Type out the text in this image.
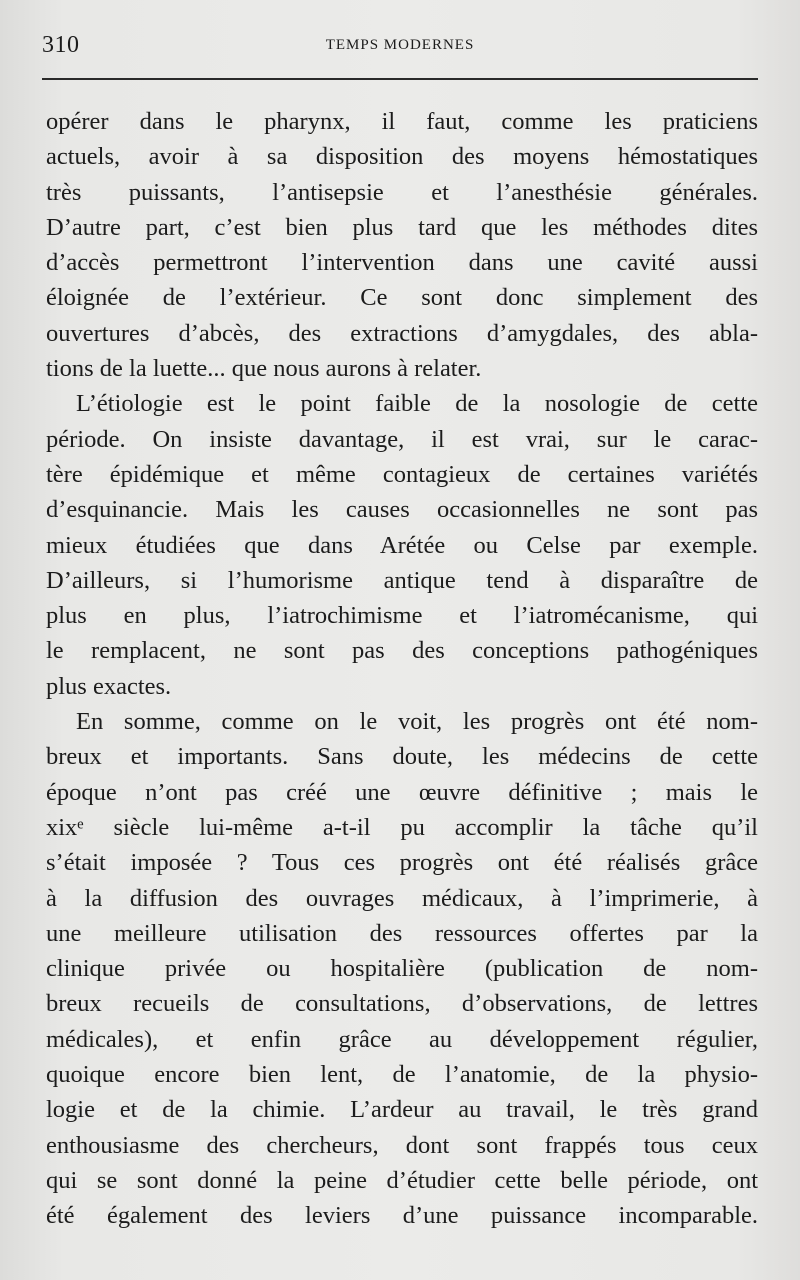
310	TEMPS MODERNES
opérer dans le pharynx, il faut, comme les praticiens
actuels, avoir à sa disposition des moyens hémostatiques
très puissants, l’antisepsie et l’anesthésie générales.
D’autre part, c’est bien plus tard que les méthodes dites
d’accès permettront l’intervention dans une cavité aussi
éloignée de l’extérieur. Ce sont donc simplement des
ouvertures d’abcès, des extractions d’amygdales, des abla-
tions de la luette... que nous aurons à relater.
L’étiologie est le point faible de la nosologie de cette
période. On insiste davantage, il est vrai, sur le carac-
tère épidémique et même contagieux de certaines variétés
d’esquinancie. Mais les causes occasionnelles ne sont pas
mieux étudiées que dans Arétée ou Celse par exemple.
D’ailleurs, si l’humorisme antique tend à disparaître de
plus en plus, l’iatrochimisme et l’iatromécanisme, qui
le remplacent, ne sont pas des conceptions pathogéniques
plus exactes.
En somme, comme on le voit, les progrès ont été nom-
breux et importants. Sans doute, les médecins de cette
époque n’ont pas créé une œuvre définitive ; mais le
xixᵉ siècle lui-même a-t-il pu accomplir la tâche qu’il
s’était imposée ? Tous ces progrès ont été réalisés grâce
à la diffusion des ouvrages médicaux, à l’imprimerie, à
une meilleure utilisation des ressources offertes par la
clinique privée ou hospitalière (publication de nom-
breux recueils de consultations, d’observations, de lettres
médicales), et enfin grâce au développement régulier,
quoique encore bien lent, de l’anatomie, de la physio-
logie et de la chimie. L’ardeur au travail, le très grand
enthousiasme des chercheurs, dont sont frappés tous ceux
qui se sont donné la peine d’étudier cette belle période, ont
été également des leviers d’une puissance incomparable.
